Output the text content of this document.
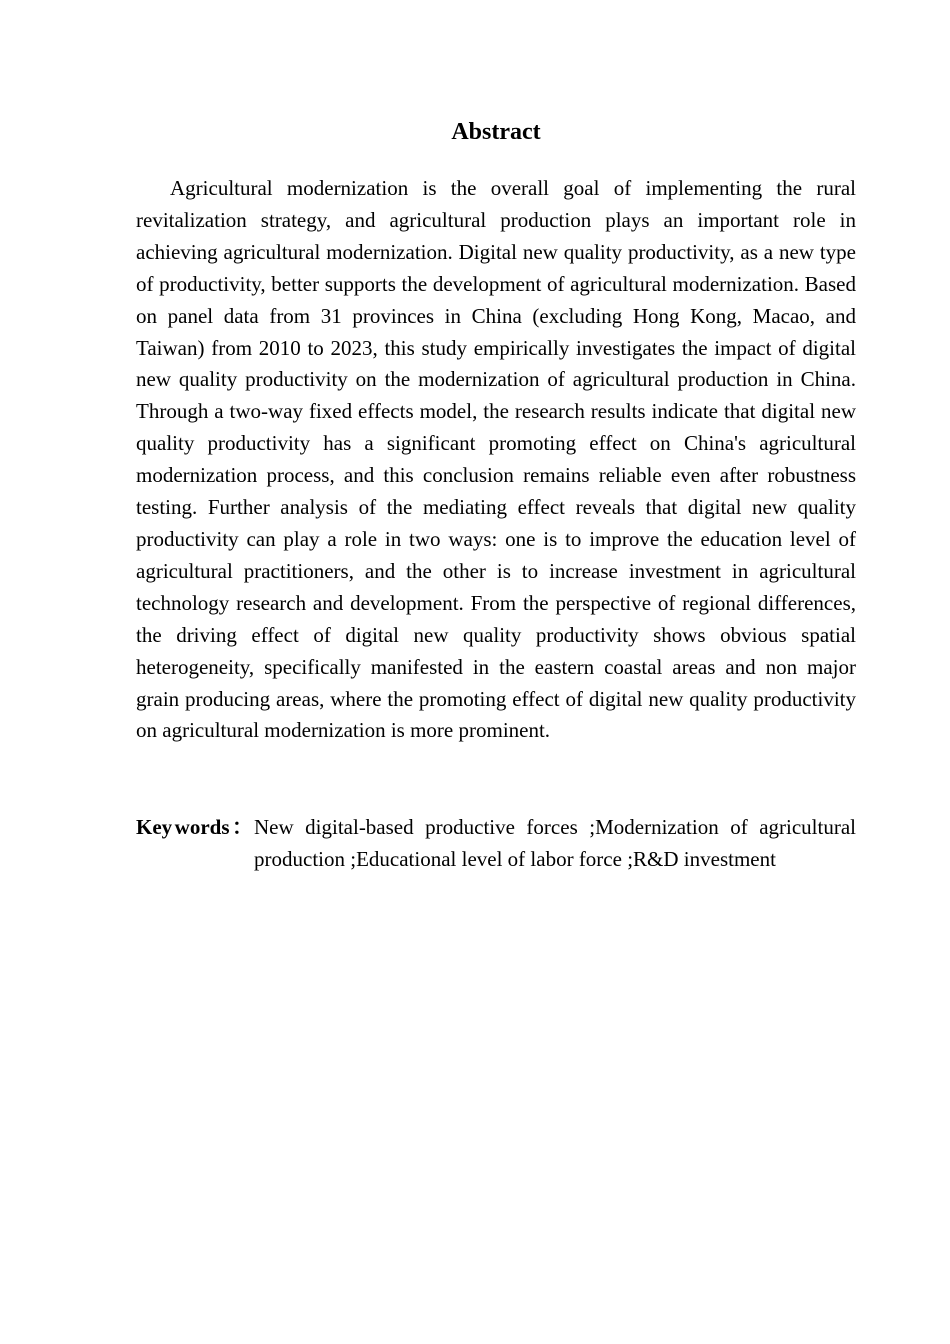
Abstract

Agricultural modernization is the overall goal of implementing the rural revitalization strategy, and agricultural production plays an important role in achieving agricultural modernization. Digital new quality productivity, as a new type of productivity, better supports the development of agricultural modernization. Based on panel data from 31 provinces in China (excluding Hong Kong, Macao, and Taiwan) from 2010 to 2023, this study empirically investigates the impact of digital new quality productivity on the modernization of agricultural production in China. Through a two-way fixed effects model, the research results indicate that digital new quality productivity has a significant promoting effect on China's agricultural modernization process, and this conclusion remains reliable even after robustness testing. Further analysis of the mediating effect reveals that digital new quality productivity can play a role in two ways: one is to improve the education level of agricultural practitioners, and the other is to increase investment in agricultural technology research and development. From the perspective of regional differences, the driving effect of digital new quality productivity shows obvious spatial heterogeneity, specifically manifested in the eastern coastal areas and non major grain producing areas, where the promoting effect of digital new quality productivity on agricultural modernization is more prominent.

Key words ： New digital-based productive forces ;Modernization of agricultural production ;Educational level of labor force ;R&D investment
